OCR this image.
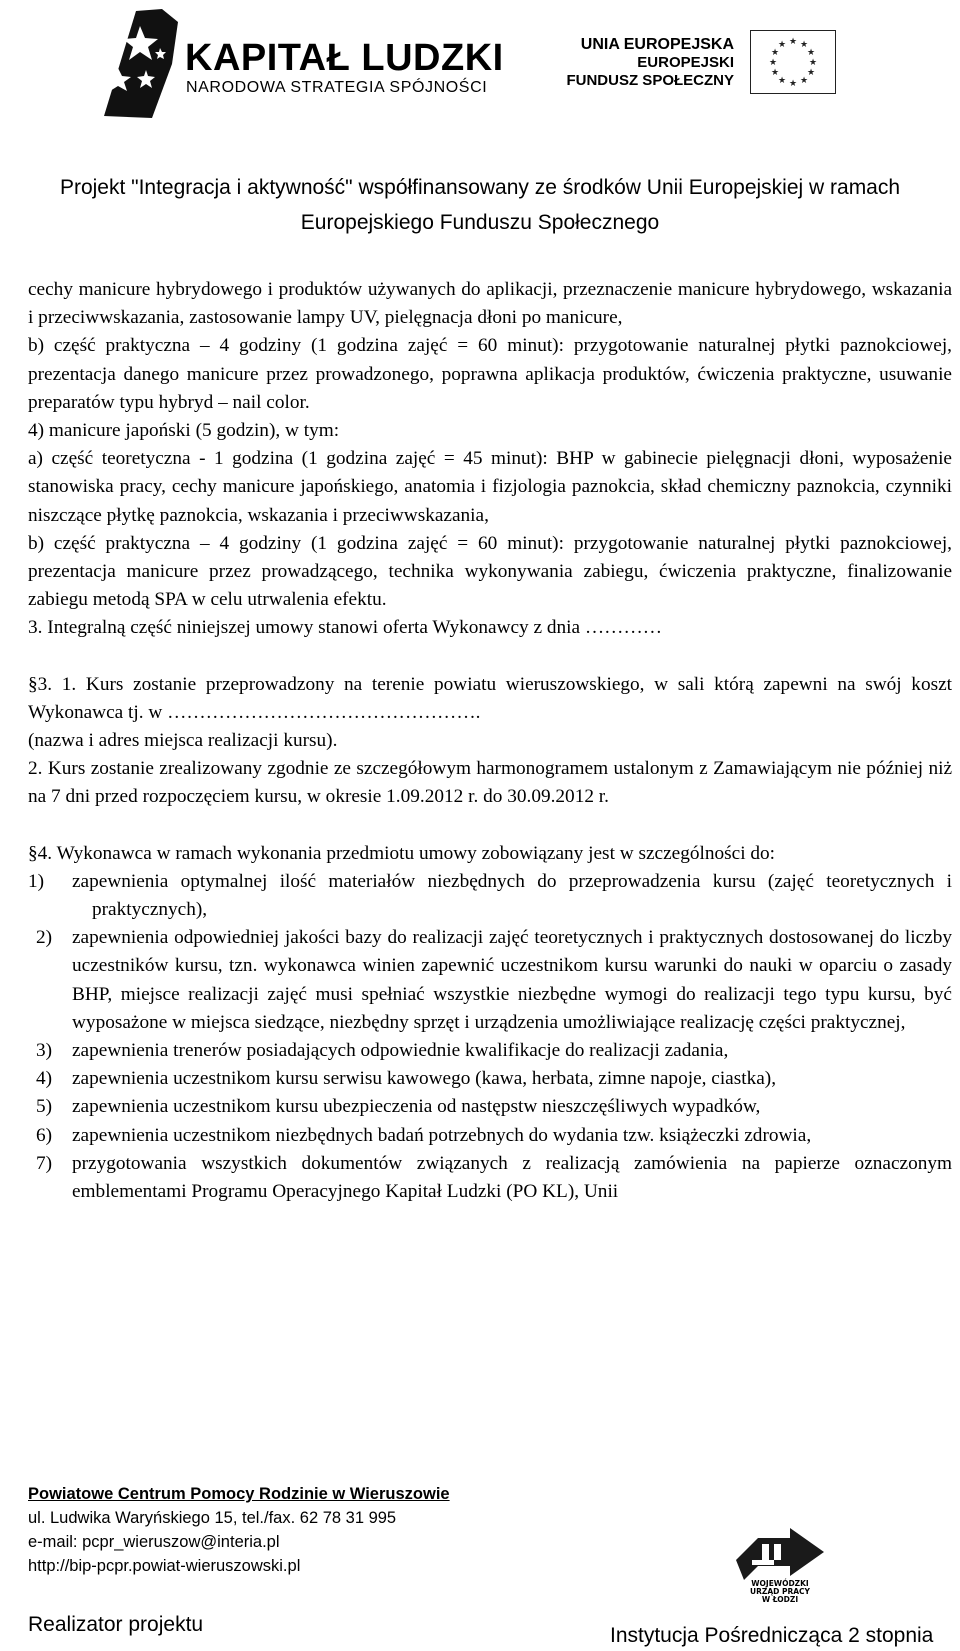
KAPITAŁ LUDZKI
NARODOWA STRATEGIA SPÓJNOŚCI
UNIA EUROPEJSKA
EUROPEJSKI
FUNDUSZ SPOŁECZNY
★ ★
★
★
★
★
★
★
★
★
★
★
Projekt "Integracja i aktywność" współfinansowany ze środków Unii Europejskiej w ramach
Europejskiego Funduszu Społecznego

cechy manicure hybrydowego i produktów używanych do aplikacji, przeznaczenie manicure hybrydowego, wskazania i przeciwwskazania, zastosowanie lampy UV, pielęgnacja dłoni po manicure,

b) część praktyczna – 4 godziny (1 godzina zajęć = 60 minut): przygotowanie naturalnej płytki paznokciowej, prezentacja danego manicure przez prowadzonego, poprawna aplikacja produktów, ćwiczenia praktyczne, usuwanie preparatów typu hybryd – nail color.

4) manicure japoński (5 godzin), w tym:

a) część teoretyczna - 1 godzina (1 godzina zajęć = 45 minut): BHP w gabinecie pielęgnacji dłoni, wyposażenie stanowiska pracy, cechy manicure japońskiego, anatomia i fizjologia paznokcia, skład chemiczny paznokcia, czynniki niszczące płytkę paznokcia, wskazania i przeciwwskazania,

b) część praktyczna – 4 godziny (1 godzina zajęć = 60 minut): przygotowanie naturalnej płytki paznokciowej, prezentacja manicure przez prowadzącego, technika wykonywania zabiegu, ćwiczenia praktyczne, finalizowanie zabiegu metodą SPA w celu utrwalenia efektu.

3. Integralną część niniejszej umowy stanowi oferta Wykonawcy z dnia …………

§3. 1. Kurs zostanie przeprowadzony na terenie powiatu wieruszowskiego, w sali którą zapewni na swój koszt Wykonawca tj. w ………………………………………….

(nazwa i adres miejsca realizacji kursu).

2. Kurs zostanie zrealizowany zgodnie ze szczegółowym harmonogramem ustalonym z Zamawiającym nie później niż na 7 dni przed rozpoczęciem kursu, w okresie 1.09.2012 r. do 30.09.2012 r.

§4. Wykonawca w ramach wykonania przedmiotu umowy zobowiązany jest w szczególności do:

1)	zapewnienia optymalnej ilość materiałów niezbędnych do przeprowadzenia kursu (zajęć teoretycznych i praktycznych),
2)	zapewnienia odpowiedniej jakości bazy do realizacji zajęć teoretycznych i praktycznych dostosowanej do liczby uczestników kursu, tzn. wykonawca winien zapewnić uczestnikom kursu warunki do nauki w oparciu o zasady BHP, miejsce realizacji zajęć musi spełniać wszystkie niezbędne wymogi do realizacji tego typu kursu, być wyposażone w miejsca siedzące, niezbędny sprzęt i urządzenia umożliwiające realizację części praktycznej,
3)	zapewnienia trenerów posiadających odpowiednie kwalifikacje do realizacji zadania,
4)	zapewnienia uczestnikom kursu serwisu kawowego (kawa, herbata, zimne napoje, ciastka),
5)	zapewnienia uczestnikom kursu ubezpieczenia od następstw nieszczęśliwych wypadków,
6)	zapewnienia uczestnikom niezbędnych badań potrzebnych do wydania tzw. książeczki zdrowia,
7)	przygotowania wszystkich dokumentów związanych z realizacją zamówienia na papierze oznaczonym emblementami Programu Operacyjnego Kapitał Ludzki (PO KL), Unii
Powiatowe Centrum Pomocy Rodzinie w Wieruszowie
ul. Ludwika Waryńskiego 15, tel./fax. 62 78 31 995
e-mail: pcpr_wieruszow@interia.pl
http://bip-pcpr.powiat-wieruszowski.pl
WOJEWÓDZKI
URZĄD PRACY
W ŁODZI
Realizator projektu	Instytucja Pośrednicząca 2 stopnia
